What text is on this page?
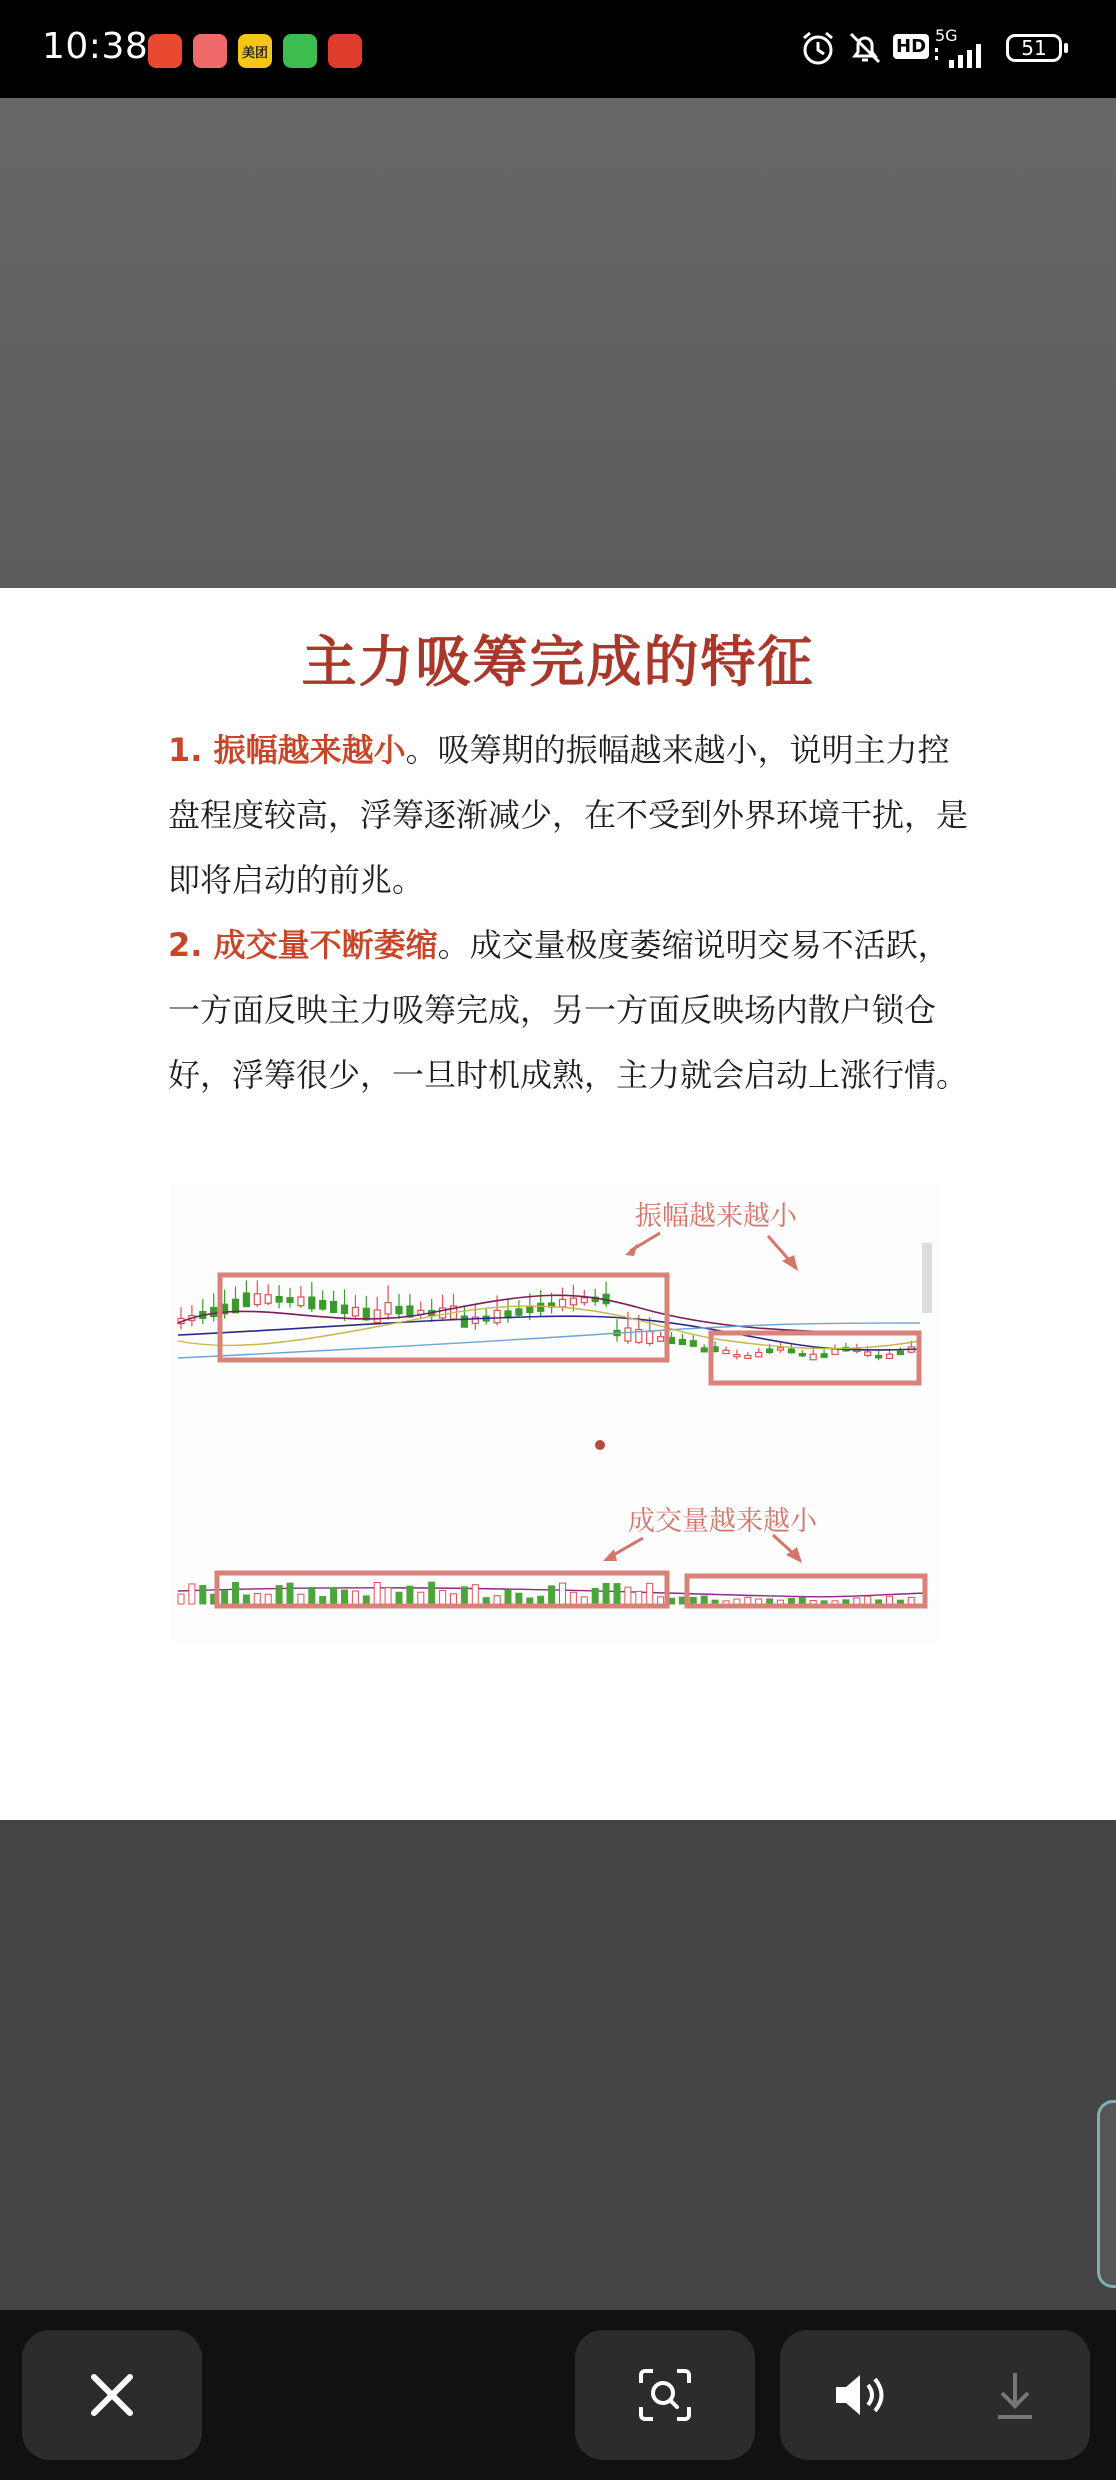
10:38	美团	HD
5G
51
主力吸筹完成的特征
1. 振幅越来越小。吸筹期的振幅越来越小，说明主力控盘程度较高，浮筹逐渐减少，在不受到外界环境干扰，是即将启动的前兆。
2. 成交量不断萎缩。成交量极度萎缩说明交易不活跃，一方面反映主力吸筹完成，另一方面反映场内散户锁仓好，浮筹很少，一旦时机成熟，主力就会启动上涨行情。
振幅越来越小
成交量越来越小
